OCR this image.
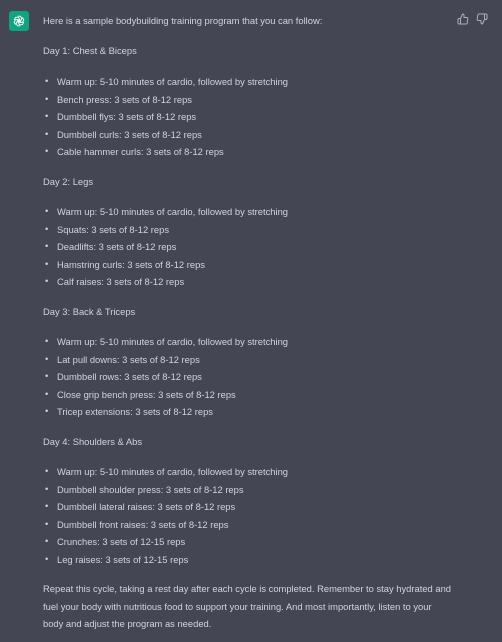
Here is a sample bodybuilding training program that you can follow:
Day 1: Chest & Biceps
• Warm up: 5-10 minutes of cardio, followed by stretching
• Bench press: 3 sets of 8-12 reps
• Dumbbell flys: 3 sets of 8-12 reps
• Dumbbell curls: 3 sets of 8-12 reps
• Cable hammer curls: 3 sets of 8-12 reps
Day 2: Legs
• Warm up: 5-10 minutes of cardio, followed by stretching
• Squats: 3 sets of 8-12 reps
• Deadlifts: 3 sets of 8-12 reps
• Hamstring curls: 3 sets of 8-12 reps
• Calf raises: 3 sets of 8-12 reps
Day 3: Back & Triceps
• Warm up: 5-10 minutes of cardio, followed by stretching
• Lat pull downs: 3 sets of 8-12 reps
• Dumbbell rows: 3 sets of 8-12 reps
• Close grip bench press: 3 sets of 8-12 reps
• Tricep extensions: 3 sets of 8-12 reps
Day 4: Shoulders & Abs
• Warm up: 5-10 minutes of cardio, followed by stretching
• Dumbbell shoulder press: 3 sets of 8-12 reps
• Dumbbell lateral raises: 3 sets of 8-12 reps
• Dumbbell front raises: 3 sets of 8-12 reps
• Crunches: 3 sets of 12-15 reps
• Leg raises: 3 sets of 12-15 reps
Repeat this cycle, taking a rest day after each cycle is completed. Remember to stay hydrated and fuel your body with nutritious food to support your training. And most importantly, listen to your body and adjust the program as needed.
